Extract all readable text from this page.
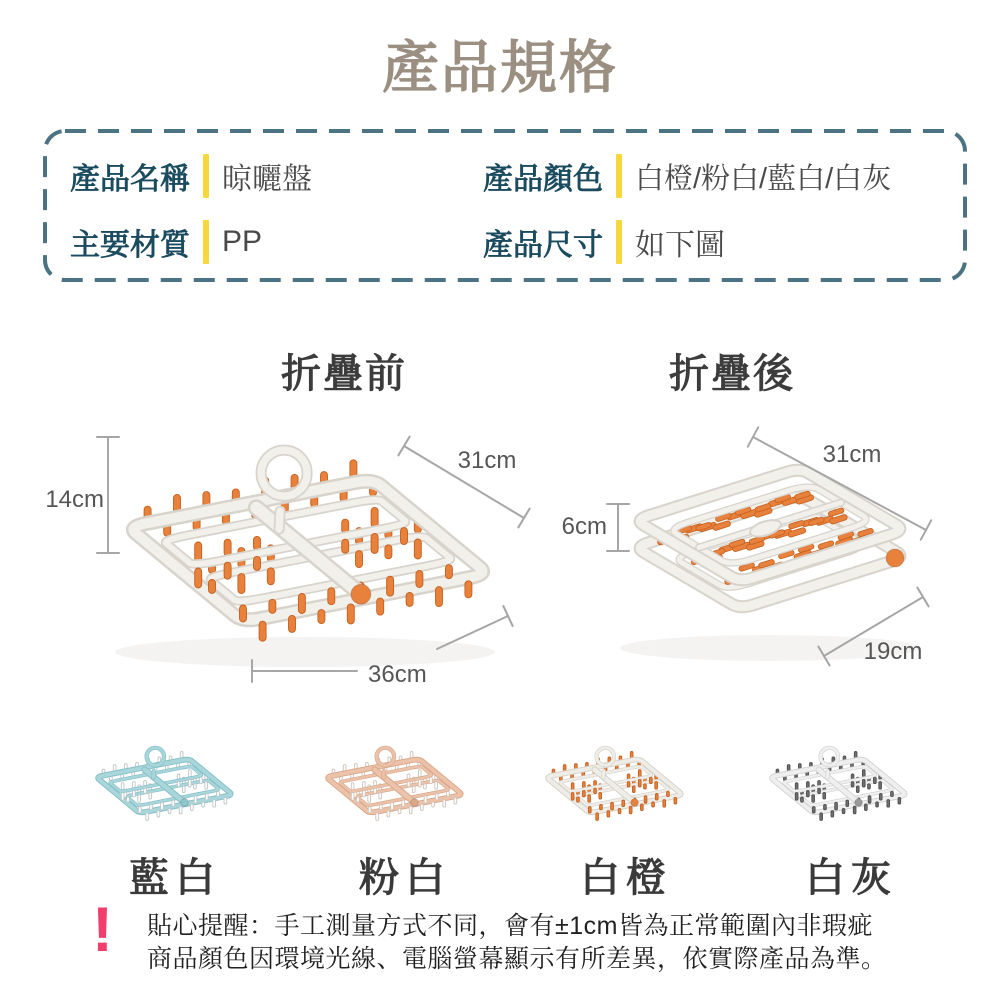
14cm
31cm
36cm
31cm
6cm
19cm
產品規格
產品名稱 晾曬盤	產品顏色 白橙/粉白/藍白/白灰
主要材質 PP	產品尺寸 如下圖
折疊前	折疊後
藍白	粉白	白橙	白灰
! 貼心提醒：手工測量方式不同，會有±1cm皆為正常範圍內非瑕疵
商品顏色因環境光線、電腦螢幕顯示有所差異，依實際產品為準。
